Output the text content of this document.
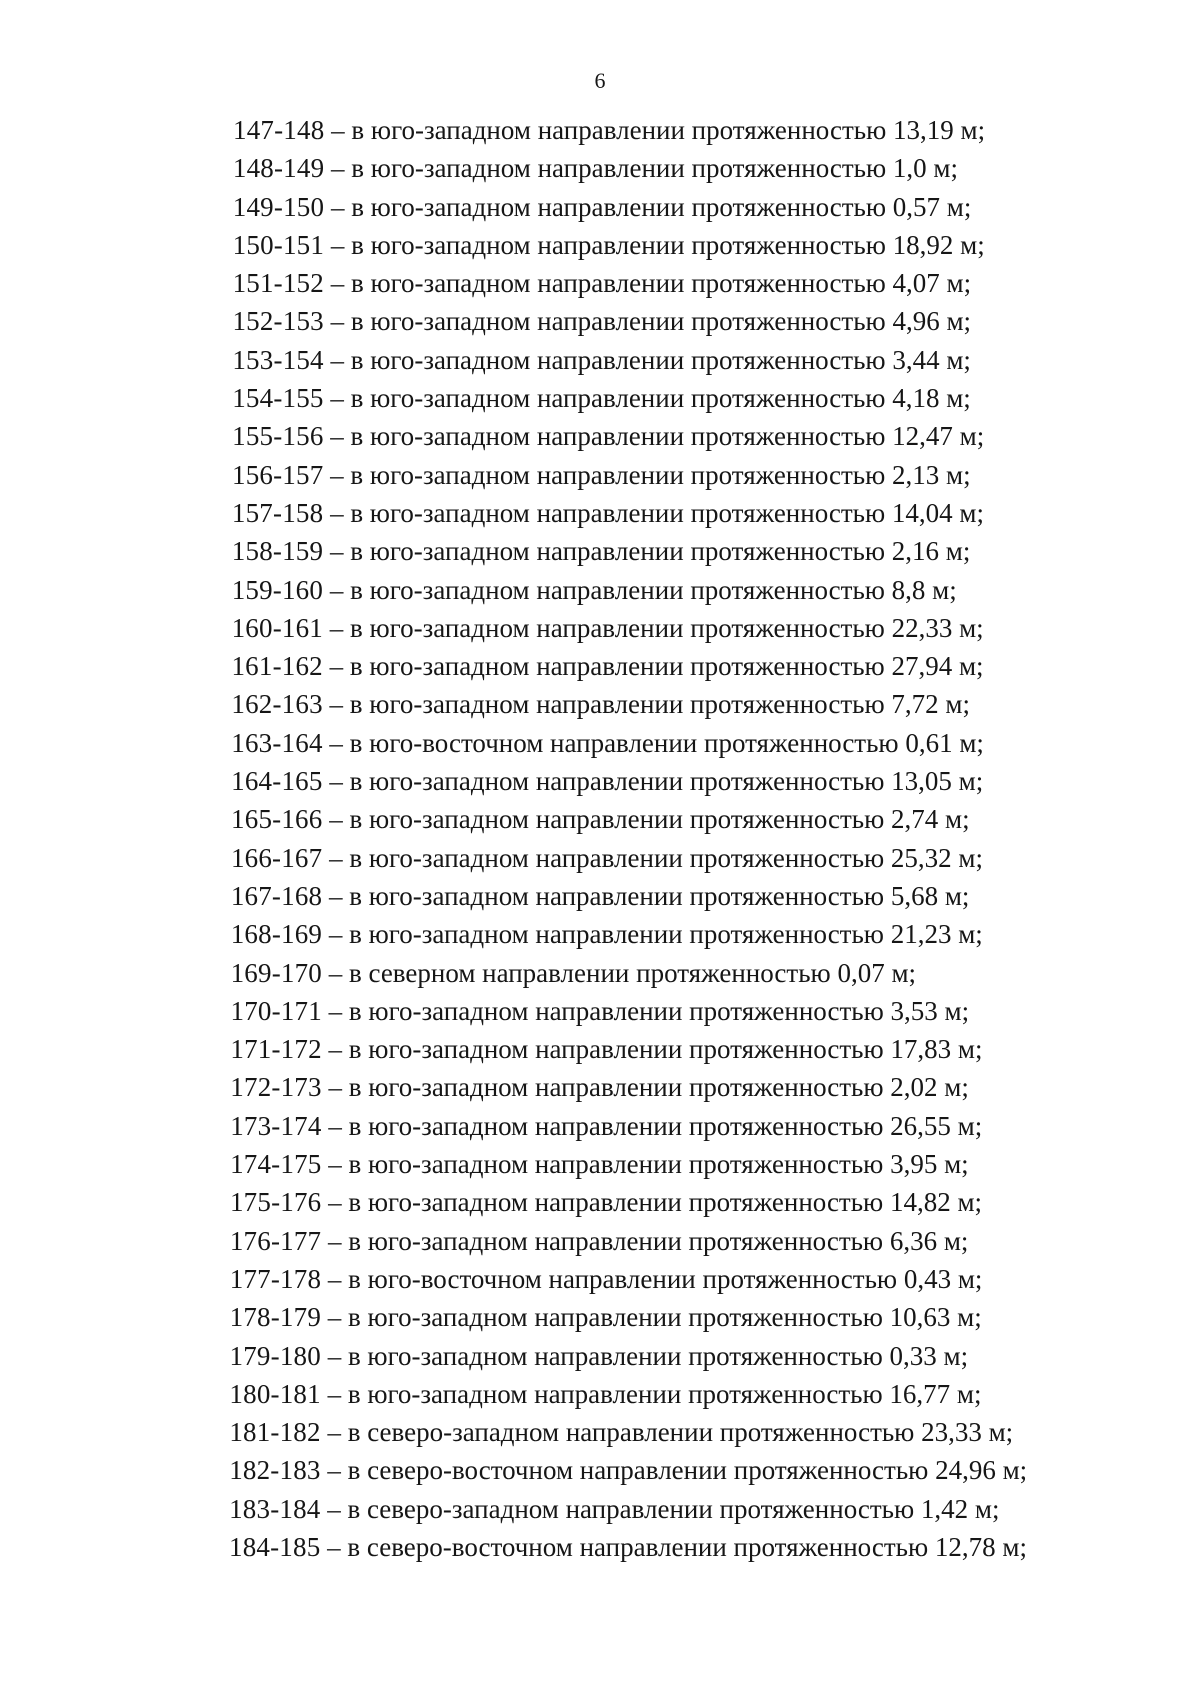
6
147-148 – в юго-западном направлении протяженностью 13,19 м;
148-149 – в юго-западном направлении протяженностью 1,0 м;
149-150 – в юго-западном направлении протяженностью 0,57 м;
150-151 – в юго-западном направлении протяженностью 18,92 м;
151-152 – в юго-западном направлении протяженностью 4,07 м;
152-153 – в юго-западном направлении протяженностью 4,96 м;
153-154 – в юго-западном направлении протяженностью 3,44 м;
154-155 – в юго-западном направлении протяженностью 4,18 м;
155-156 – в юго-западном направлении протяженностью 12,47 м;
156-157 – в юго-западном направлении протяженностью 2,13 м;
157-158 – в юго-западном направлении протяженностью 14,04 м;
158-159 – в юго-западном направлении протяженностью 2,16 м;
159-160 – в юго-западном направлении протяженностью 8,8 м;
160-161 – в юго-западном направлении протяженностью 22,33 м;
161-162 – в юго-западном направлении протяженностью 27,94 м;
162-163 – в юго-западном направлении протяженностью 7,72 м;
163-164 – в юго-восточном направлении протяженностью 0,61 м;
164-165 – в юго-западном направлении протяженностью 13,05 м;
165-166 – в юго-западном направлении протяженностью 2,74 м;
166-167 – в юго-западном направлении протяженностью 25,32 м;
167-168 – в юго-западном направлении протяженностью 5,68 м;
168-169 – в юго-западном направлении протяженностью 21,23 м;
169-170 – в северном направлении протяженностью 0,07 м;
170-171 – в юго-западном направлении протяженностью 3,53 м;
171-172 – в юго-западном направлении протяженностью 17,83 м;
172-173 – в юго-западном направлении протяженностью 2,02 м;
173-174 – в юго-западном направлении протяженностью 26,55 м;
174-175 – в юго-западном направлении протяженностью 3,95 м;
175-176 – в юго-западном направлении протяженностью 14,82 м;
176-177 – в юго-западном направлении протяженностью 6,36 м;
177-178 – в юго-восточном направлении протяженностью 0,43 м;
178-179 – в юго-западном направлении протяженностью 10,63 м;
179-180 – в юго-западном направлении протяженностью 0,33 м;
180-181 – в юго-западном направлении протяженностью 16,77 м;
181-182 – в северо-западном направлении протяженностью 23,33 м;
182-183 – в северо-восточном направлении протяженностью 24,96 м;
183-184 – в северо-западном направлении протяженностью 1,42 м;
184-185 – в северо-восточном направлении протяженностью 12,78 м;
